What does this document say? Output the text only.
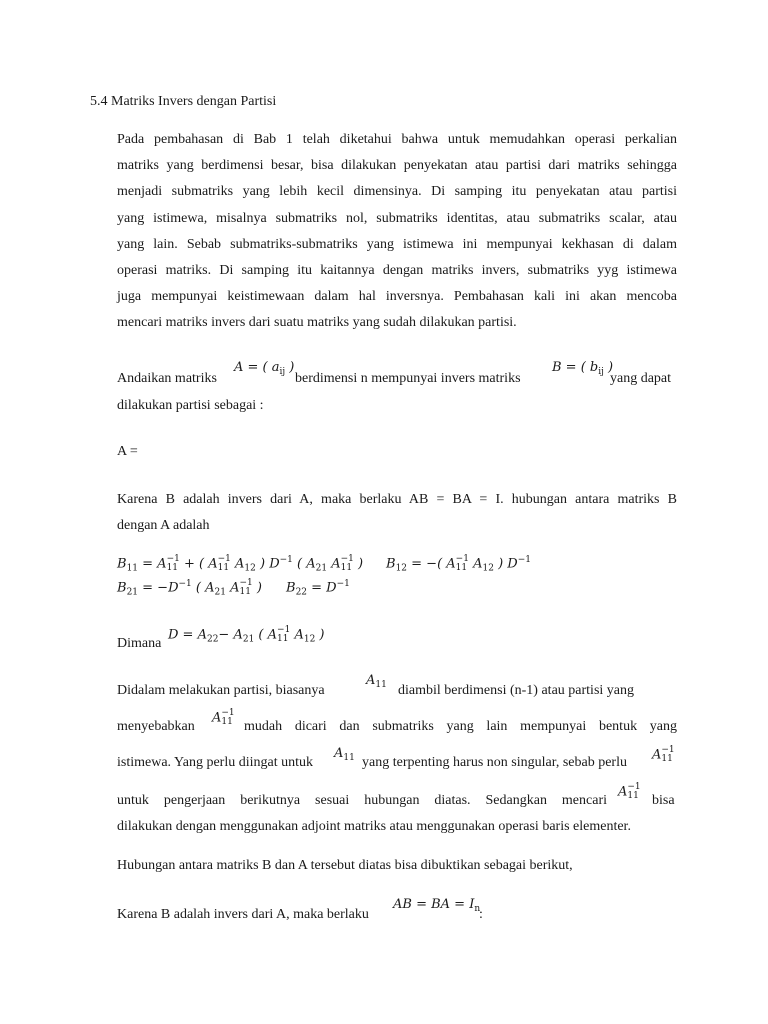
5.4 Matriks Invers dengan Partisi
Pada pembahasan di Bab 1 telah diketahui bahwa untuk memudahkan operasi perkalian
matriks yang berdimensi besar, bisa dilakukan penyekatan atau partisi dari matriks sehingga
menjadi submatriks yang lebih kecil dimensinya. Di samping itu penyekatan atau partisi
yang istimewa, misalnya submatriks nol, submatriks identitas, atau submatriks scalar, atau
yang lain. Sebab submatriks-submatriks yang istimewa ini mempunyai kekhasan di dalam
operasi matriks. Di samping itu kaitannya dengan matriks invers, submatriks yyg istimewa
juga mempunyai keistimewaan dalam hal inversnya. Pembahasan kali ini akan mencoba
mencari matriks invers dari suatu matriks yang sudah dilakukan partisi.
Andaikan matriks
A = ( $a_{ij}$ )
berdimensi n mempunyai invers matriks
B = ( $b_{ij}$ )
yang dapat
dilakukan partisi sebagai :
A =
Karena B adalah invers dari A, maka berlaku AB = BA = I. hubungan antara matriks B
dengan A adalah
$B_{11} = A -1$
11 + ( A −1
11 $A_{12}$ ) $D^{-1}$ ( $A_{21}$ A −1
11 ) $B_{12}$ = −( A −1
11 $A_{12}$ ) $D^{-1}$
$B_{21} = -D^{-1}$ ( $A_{21}$ A −1
11 ) $B_{22} = D^{-1}$
Dimana
$D = A_{22}- A_{21}$ ( A −1
11 $A_{12}$ )
Didalam melakukan partisi, biasanya
$A_{11}$ diambil berdimensi (n-1) atau partisi yang
menyebabkan
A −1
11 mudah dicari dan submatriks yang lain mempunyai bentuk yang
istimewa. Yang perlu diingat untuk
$A_{11}$ yang terpenting harus non singular, sebab perlu A −1
11
untuk pengerjaan berikutnya sesuai hubungan diatas. Sedangkan mencari
A −1
11 bisa
dilakukan dengan menggunakan adjoint matriks atau menggunakan operasi baris elementer.
Hubungan antara matriks B dan A tersebut diatas bisa dibuktikan sebagai berikut,
Karena B adalah invers dari A, maka berlaku
AB = BA = $I_n$
:
